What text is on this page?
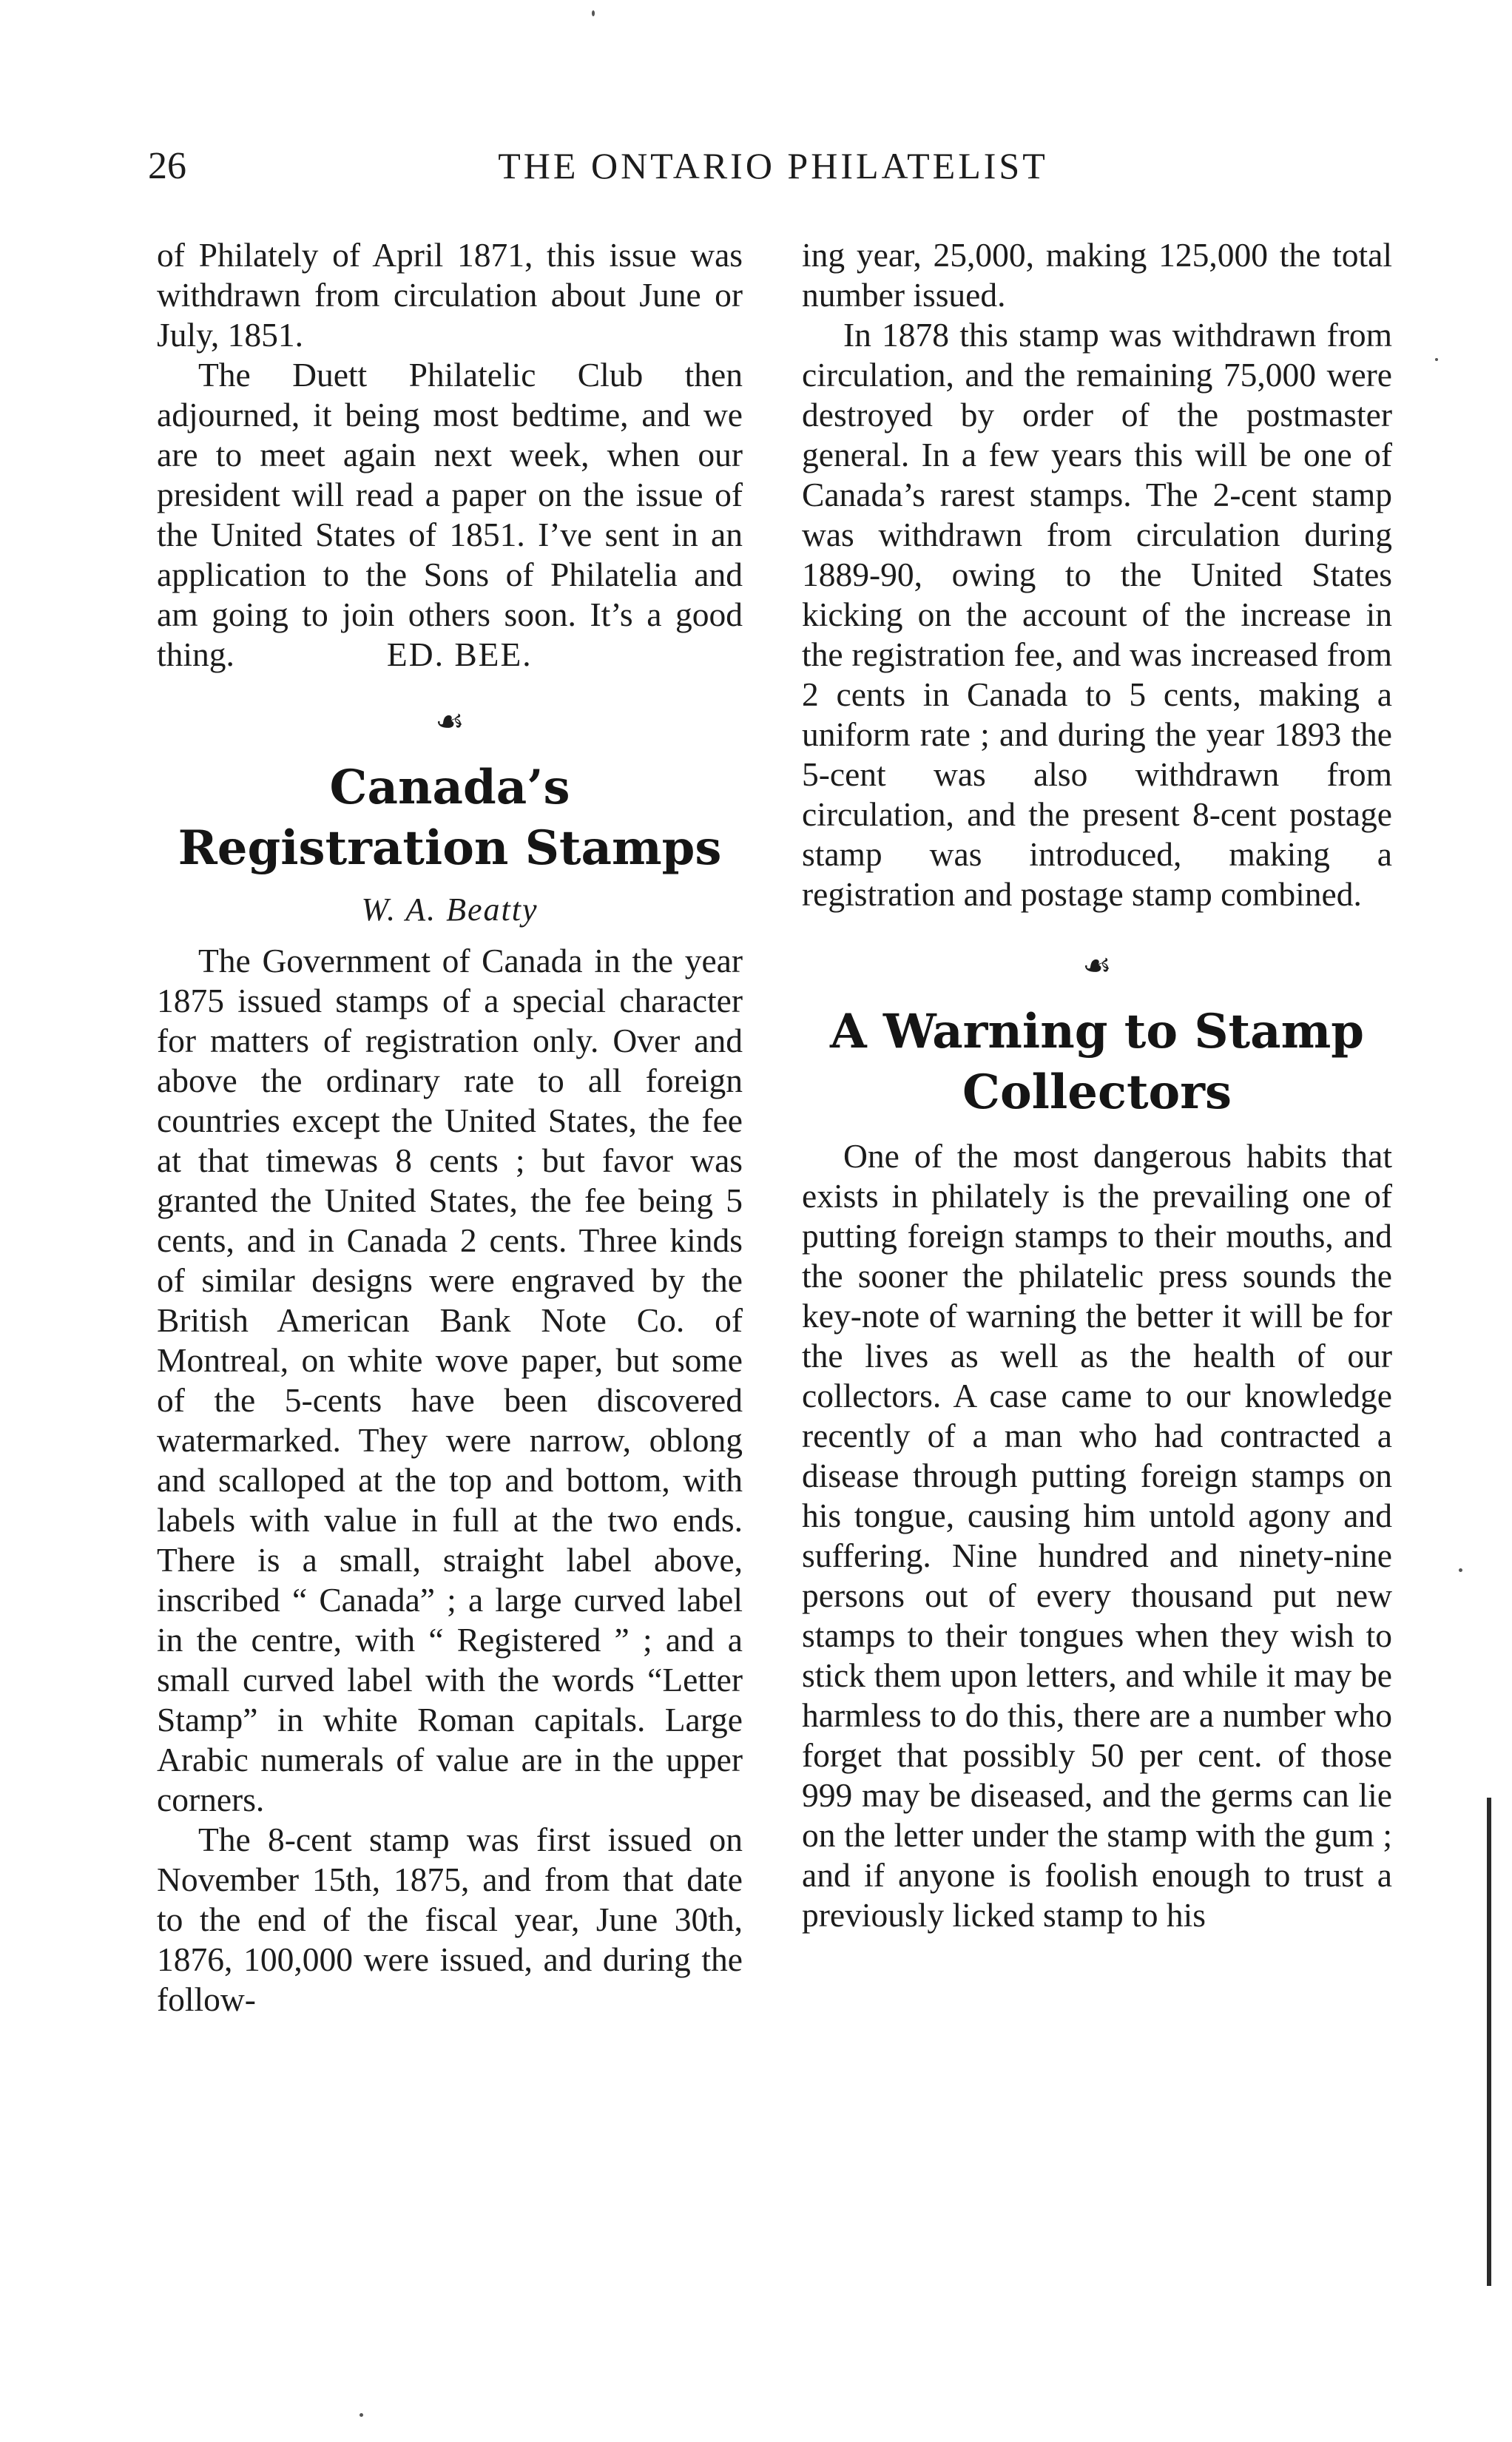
26	THE ONTARIO PHILATELIST

of Philately of April 1871, this issue was withdrawn from circulation about June or July, 1851.

The Duett Philatelic Club then adjourned, it being most bedtime, and we are to meet again next week, when our president will read a paper on the issue of the United States of 1851. I’ve sent in an application to the Sons of Philatelia and am going to join others soon. It’s a good thing.	ED. BEE.

☙
Canada’s Registration Stamps
W. A. Beatty

The Government of Canada in the year 1875 issued stamps of a special character for matters of registration only. Over and above the ordinary rate to all foreign countries except the United States, the fee at that timewas 8 cents ; but favor was granted the United States, the fee being 5 cents, and in Canada 2 cents. Three kinds of similar designs were engraved by the British American Bank Note Co. of Montreal, on white wove paper, but some of the 5-cents have been discovered watermarked. They were narrow, oblong and scalloped at the top and bottom, with labels with value in full at the two ends. There is a small, straight label above, inscribed “ Canada” ; a large curved label in the centre, with “ Registered ” ; and a small curved label with the words “Letter Stamp” in white Roman capitals. Large Arabic numerals of value are in the upper corners.

The 8-cent stamp was first issued on November 15th, 1875, and from that date to the end of the fiscal year, June 30th, 1876, 100,000 were issued, and during the follow-

ing year, 25,000, making 125,000 the total number issued.

In 1878 this stamp was withdrawn from circulation, and the remaining 75,000 were destroyed by order of the postmaster general. In a few years this will be one of Canada’s rarest stamps. The 2-cent stamp was withdrawn from circulation during 1889-90, owing to the United States kicking on the account of the increase in the registration fee, and was increased from 2 cents in Canada to 5 cents, making a uniform rate ; and during the year 1893 the 5-cent was also withdrawn from circulation, and the present 8-cent postage stamp was introduced, making a registration and postage stamp combined.

☙
A Warning to Stamp Collectors

One of the most dangerous habits that exists in philately is the prevailing one of putting foreign stamps to their mouths, and the sooner the philatelic press sounds the key-note of warning the better it will be for the lives as well as the health of our collectors. A case came to our knowledge recently of a man who had contracted a disease through putting foreign stamps on his tongue, causing him untold agony and suffering. Nine hundred and ninety-nine persons out of every thousand put new stamps to their tongues when they wish to stick them upon letters, and while it may be harmless to do this, there are a number who forget that possibly 50 per cent. of those 999 may be diseased, and the germs can lie on the letter under the stamp with the gum ; and if anyone is foolish enough to trust a previously licked stamp to his
